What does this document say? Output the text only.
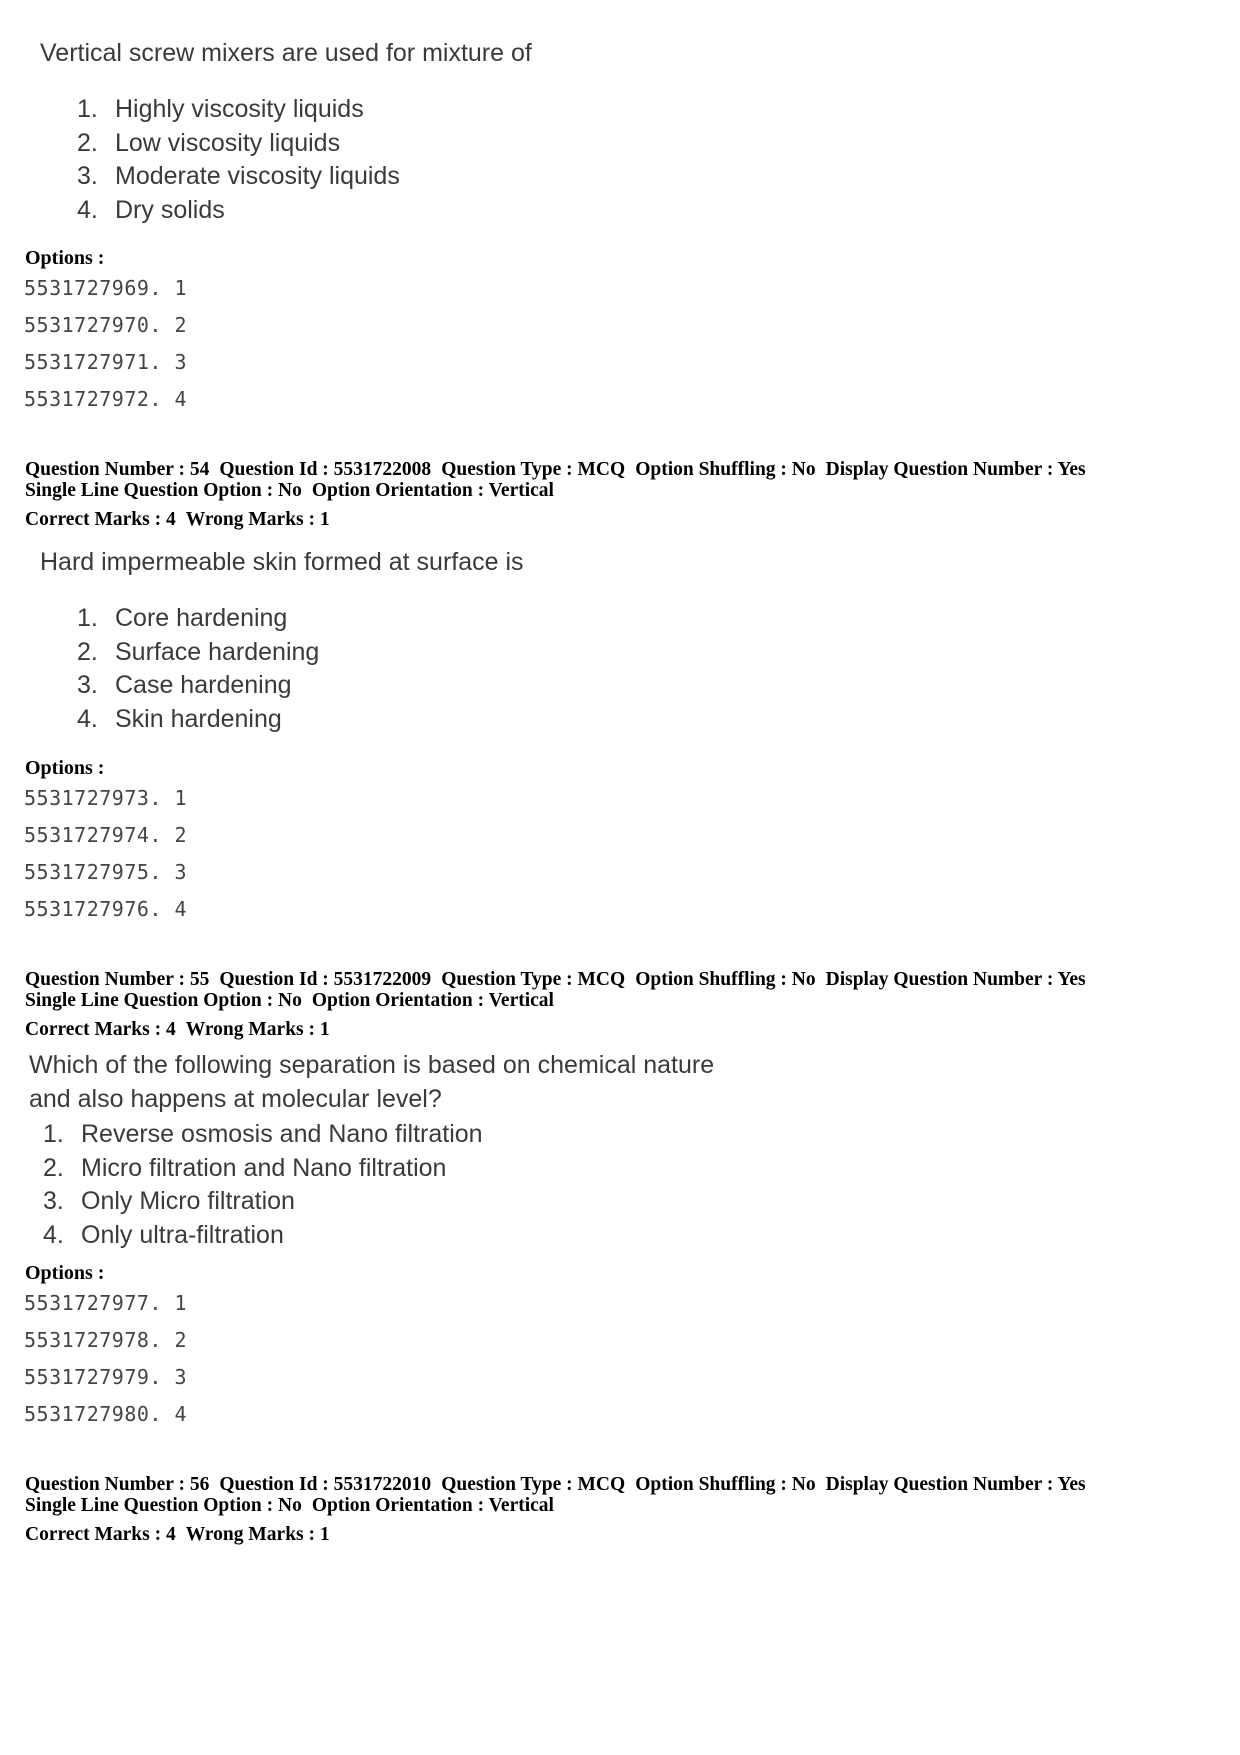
Vertical screw mixers are used for mixture of
1. Highly viscosity liquids
2. Low viscosity liquids
3. Moderate viscosity liquids
4. Dry solids
Options :
5531727969. 1
5531727970. 2
5531727971. 3
5531727972. 4
Question Number : 54 Question Id : 5531722008 Question Type : MCQ Option Shuffling : No Display Question Number : Yes
Single Line Question Option : No Option Orientation : Vertical
Correct Marks : 4 Wrong Marks : 1
Hard impermeable skin formed at surface is
1. Core hardening
2. Surface hardening
3. Case hardening
4. Skin hardening
Options :
5531727973. 1
5531727974. 2
5531727975. 3
5531727976. 4
Question Number : 55 Question Id : 5531722009 Question Type : MCQ Option Shuffling : No Display Question Number : Yes
Single Line Question Option : No Option Orientation : Vertical
Correct Marks : 4 Wrong Marks : 1
Which of the following separation is based on chemical nature
and also happens at molecular level?
1. Reverse osmosis and Nano filtration
2. Micro filtration and Nano filtration
3. Only Micro filtration
4. Only ultra-filtration
Options :
5531727977. 1
5531727978. 2
5531727979. 3
5531727980. 4
Question Number : 56 Question Id : 5531722010 Question Type : MCQ Option Shuffling : No Display Question Number : Yes
Single Line Question Option : No Option Orientation : Vertical
Correct Marks : 4 Wrong Marks : 1
